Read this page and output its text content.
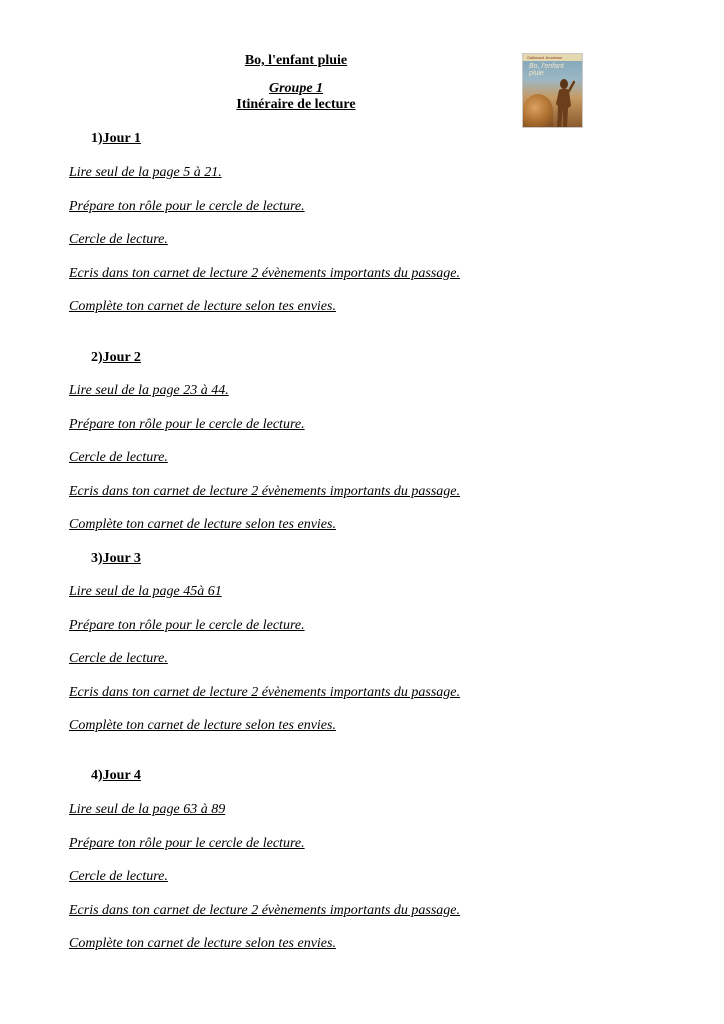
Bo, l'enfant pluie
Groupe 1
Itinéraire de lecture
Gallimard Jeunesse
Bo, l'enfant pluie
1)Jour 1
Lire seul de la page 5 à 21.
Prépare ton rôle pour le cercle de lecture.
Cercle de lecture.
Ecris dans ton carnet de lecture 2 évènements importants du passage.
Complète ton carnet de lecture selon tes envies.
2)Jour 2
Lire seul de la page 23 à 44.
Prépare ton rôle pour le cercle de lecture.
Cercle de lecture.
Ecris dans ton carnet de lecture 2 évènements importants du passage.
Complète ton carnet de lecture selon tes envies.
3)Jour 3
Lire seul de la page 45à 61
Prépare ton rôle pour le cercle de lecture.
Cercle de lecture.
Ecris dans ton carnet de lecture 2 évènements importants du passage.
Complète ton carnet de lecture selon tes envies.
4)Jour 4
Lire seul de la page 63 à 89
Prépare ton rôle pour le cercle de lecture.
Cercle de lecture.
Ecris dans ton carnet de lecture 2 évènements importants du passage.
Complète ton carnet de lecture selon tes envies.
